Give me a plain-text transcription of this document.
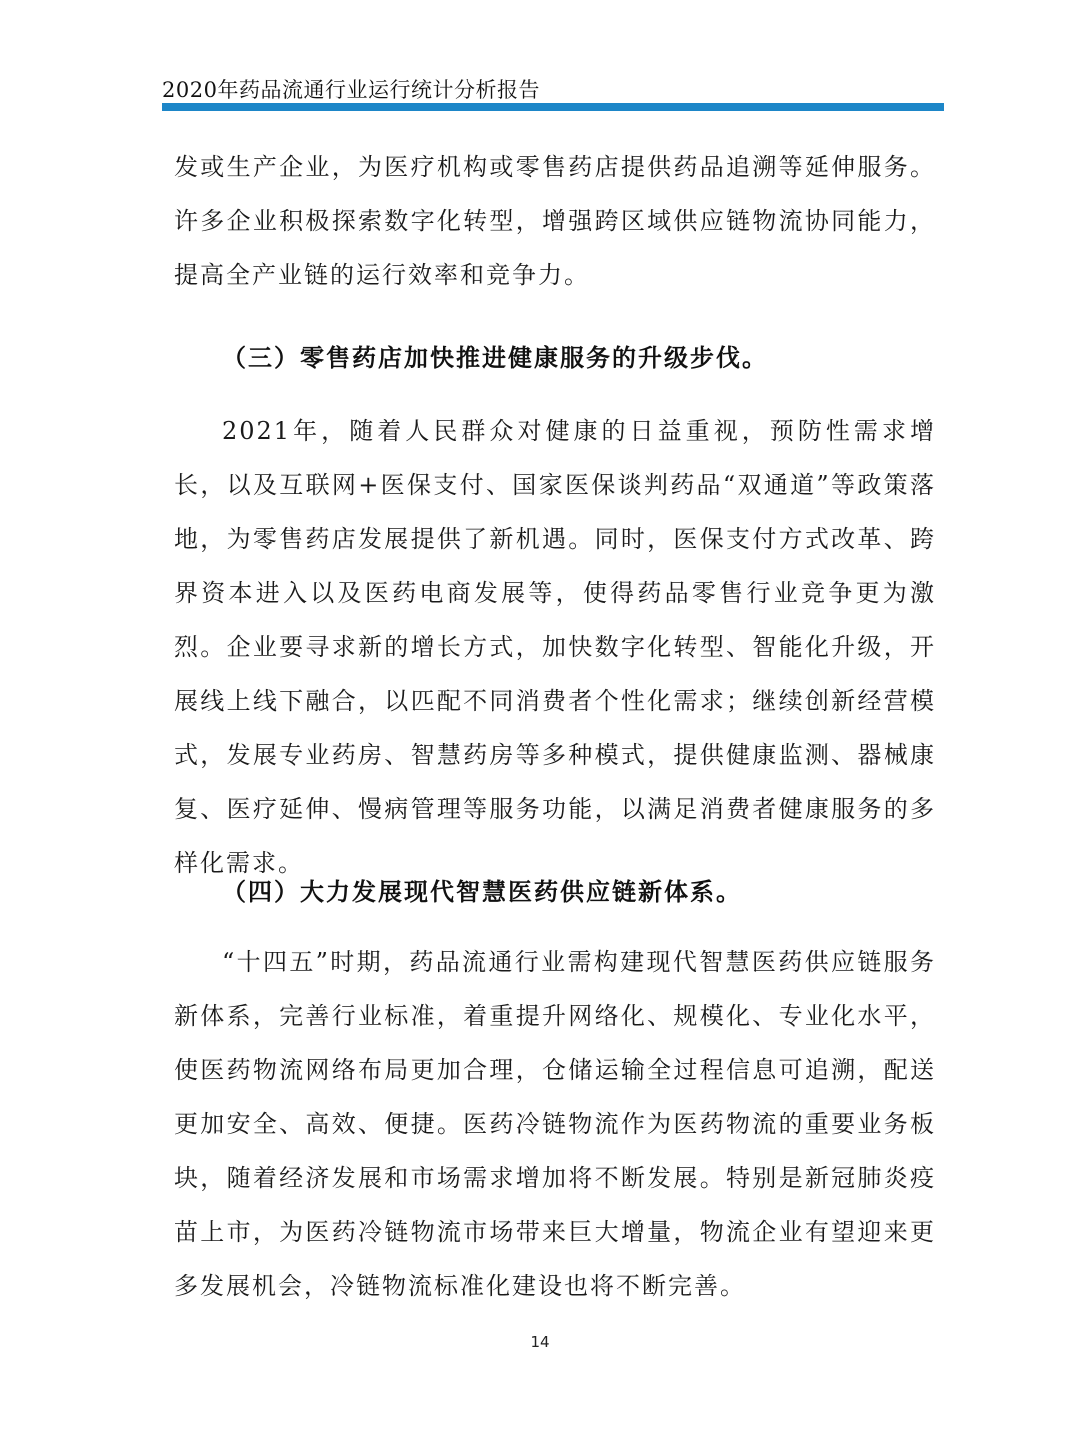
2020年药品流通行业运行统计分析报告

发或生产企业，为医疗机构或零售药店提供药品追溯等延伸服务。许多企业积极探索数字化转型，增强跨区域供应链物流协同能力，提高全产业链的运行效率和竞争力。

（三）零售药店加快推进健康服务的升级步伐。

2021年，随着人民群众对健康的日益重视，预防性需求增长，以及互联网+医保支付、国家医保谈判药品“双通道”等政策落地，为零售药店发展提供了新机遇。同时，医保支付方式改革、跨界资本进入以及医药电商发展等，使得药品零售行业竞争更为激烈。企业要寻求新的增长方式，加快数字化转型、智能化升级，开展线上线下融合，以匹配不同消费者个性化需求；继续创新经营模式，发展专业药房、智慧药房等多种模式，提供健康监测、器械康复、医疗延伸、慢病管理等服务功能，以满足消费者健康服务的多样化需求。

（四）大力发展现代智慧医药供应链新体系。

“十四五”时期，药品流通行业需构建现代智慧医药供应链服务新体系，完善行业标准，着重提升网络化、规模化、专业化水平，使医药物流网络布局更加合理，仓储运输全过程信息可追溯，配送更加安全、高效、便捷。医药冷链物流作为医药物流的重要业务板块，随着经济发展和市场需求增加将不断发展。特别是新冠肺炎疫苗上市，为医药冷链物流市场带来巨大增量，物流企业有望迎来更多发展机会，冷链物流标准化建设也将不断完善。

14
